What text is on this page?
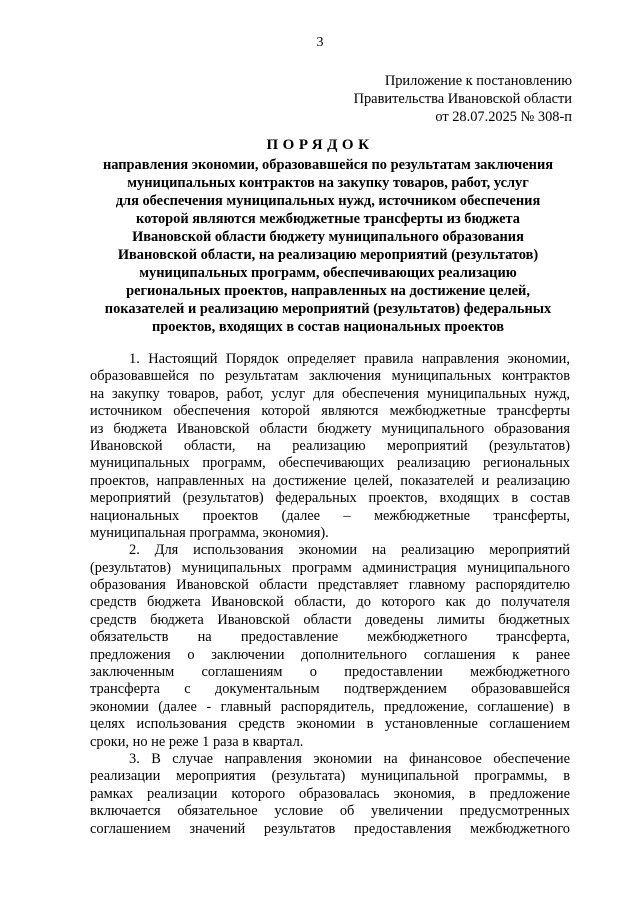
3
Приложение к постановлению
Правительства Ивановской области
от 28.07.2025 № 308-п
ПОРЯДОК
направления экономии, образовавшейся по результатам заключения
муниципальных контрактов на закупку товаров, работ, услуг
для обеспечения муниципальных нужд, источником обеспечения
которой являются межбюджетные трансферты из бюджета
Ивановской области бюджету муниципального образования
Ивановской области, на реализацию мероприятий (результатов)
муниципальных программ, обеспечивающих реализацию
региональных проектов, направленных на достижение целей,
показателей и реализацию мероприятий (результатов) федеральных
проектов, входящих в состав национальных проектов
1. Настоящий Порядок определяет правила направления экономии,
образовавшейся по результатам заключения муниципальных контрактов
на закупку товаров, работ, услуг для обеспечения муниципальных нужд,
источником обеспечения которой являются межбюджетные трансферты
из бюджета Ивановской области бюджету муниципального образования
Ивановской области, на реализацию мероприятий (результатов)
муниципальных программ, обеспечивающих реализацию региональных
проектов, направленных на достижение целей, показателей и реализацию
мероприятий (результатов) федеральных проектов, входящих в состав
национальных проектов (далее – межбюджетные трансферты,
муниципальная программа, экономия).
2. Для использования экономии на реализацию мероприятий
(результатов) муниципальных программ администрация муниципального
образования Ивановской области представляет главному распорядителю
средств бюджета Ивановской области, до которого как до получателя
средств бюджета Ивановской области доведены лимиты бюджетных
обязательств на предоставление межбюджетного трансферта,
предложения о заключении дополнительного соглашения к ранее
заключенным соглашениям о предоставлении межбюджетного
трансферта с документальным подтверждением образовавшейся
экономии (далее - главный распорядитель, предложение, соглашение) в
целях использования средств экономии в установленные соглашением
сроки, но не реже 1 раза в квартал.
3. В случае направления экономии на финансовое обеспечение
реализации мероприятия (результата) муниципальной программы, в
рамках реализации которого образовалась экономия, в предложение
включается обязательное условие об увеличении предусмотренных
соглашением значений результатов предоставления межбюджетного
